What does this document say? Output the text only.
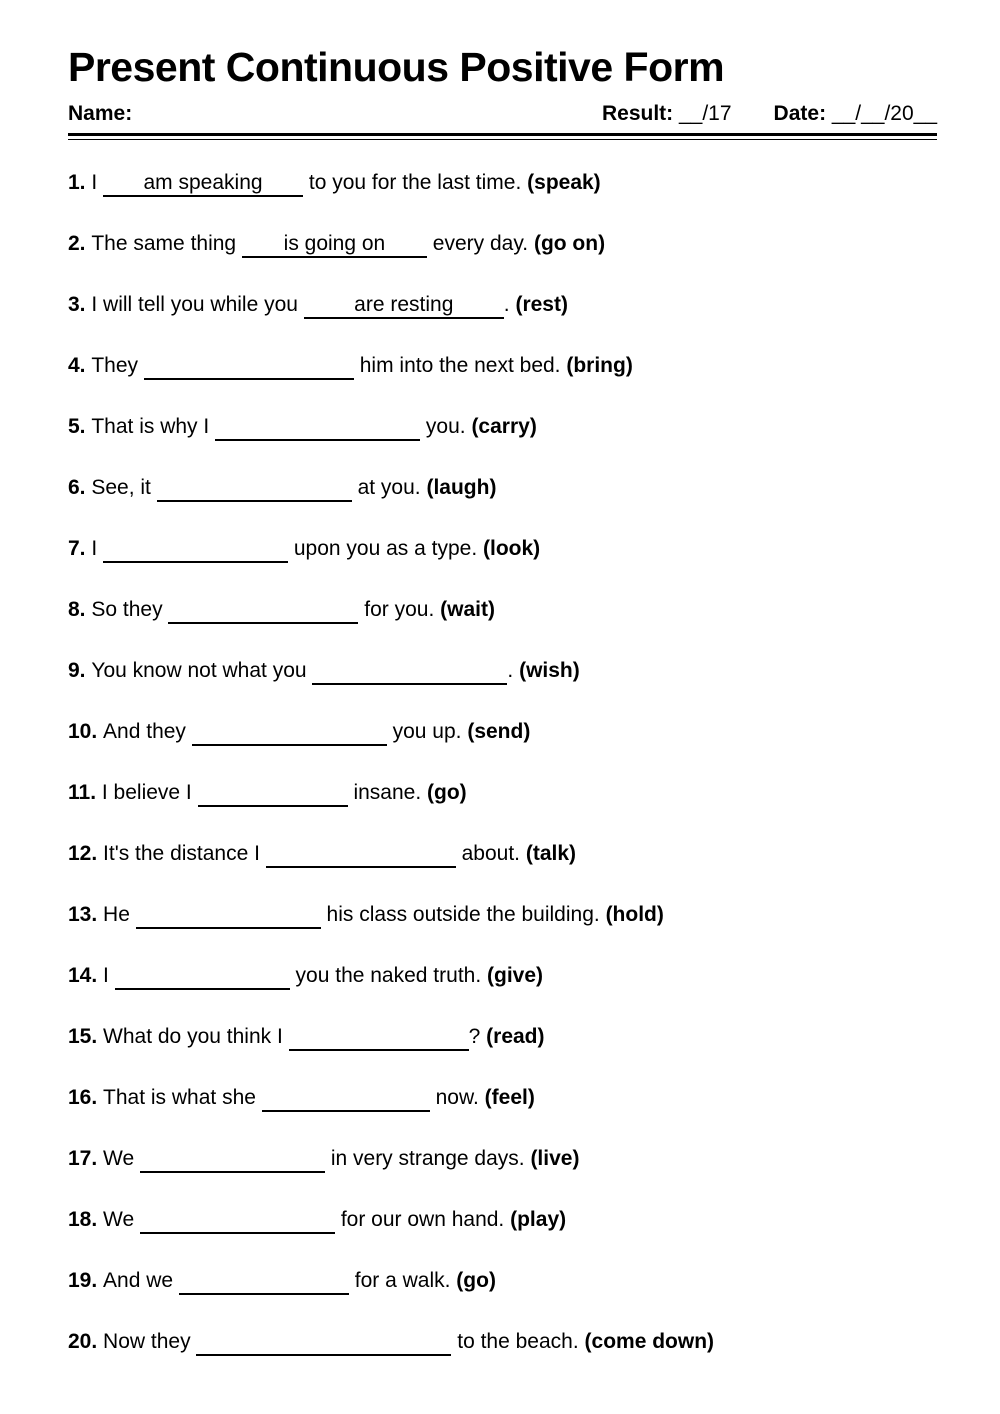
Present Continuous Positive Form
Name:	Result: __/17 Date: __/__/20__
1. I am speaking to you for the last time. (speak)
2. The same thing is going on every day. (go on)
3. I will tell you while you are resting . (rest)
4. They	him into the next bed. (bring)
5. That is why I	you. (carry)
6. See, it	at you. (laugh)
7. I	upon you as a type. (look)
8. So they	for you. (wait)
9. You know not what you	. (wish)
10. And they	you up. (send)
11. I believe I	insane. (go)
12. It's the distance I	about. (talk)
13. He	his class outside the building. (hold)
14. I	you the naked truth. (give)
15. What do you think I	? (read)
16. That is what she	now. (feel)
17. We	in very strange days. (live)
18. We	for our own hand. (play)
19. And we	for a walk. (go)
20. Now they	to the beach. (come down)
